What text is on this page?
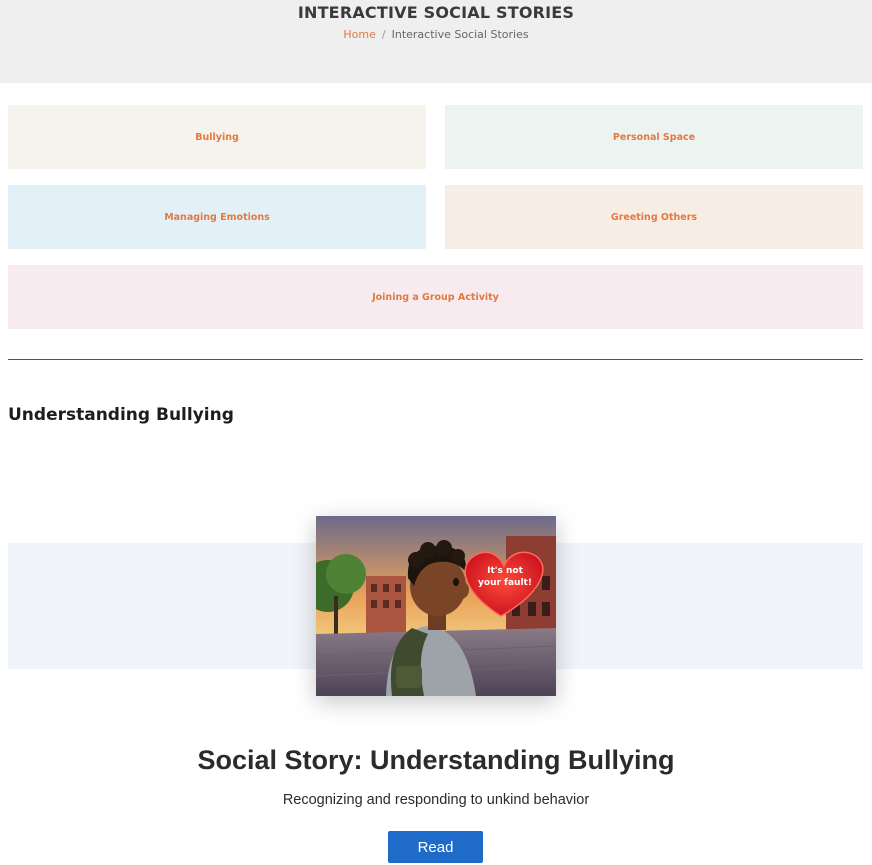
INTERACTIVE SOCIAL STORIES
Home / Interactive Social Stories
Bullying	Personal Space
Managing Emotions	Greeting Others
Joining a Group Activity
Understanding Bullying
It's not
your fault!
Social Story: Understanding Bullying

Recognizing and responding to unkind behavior

Read
